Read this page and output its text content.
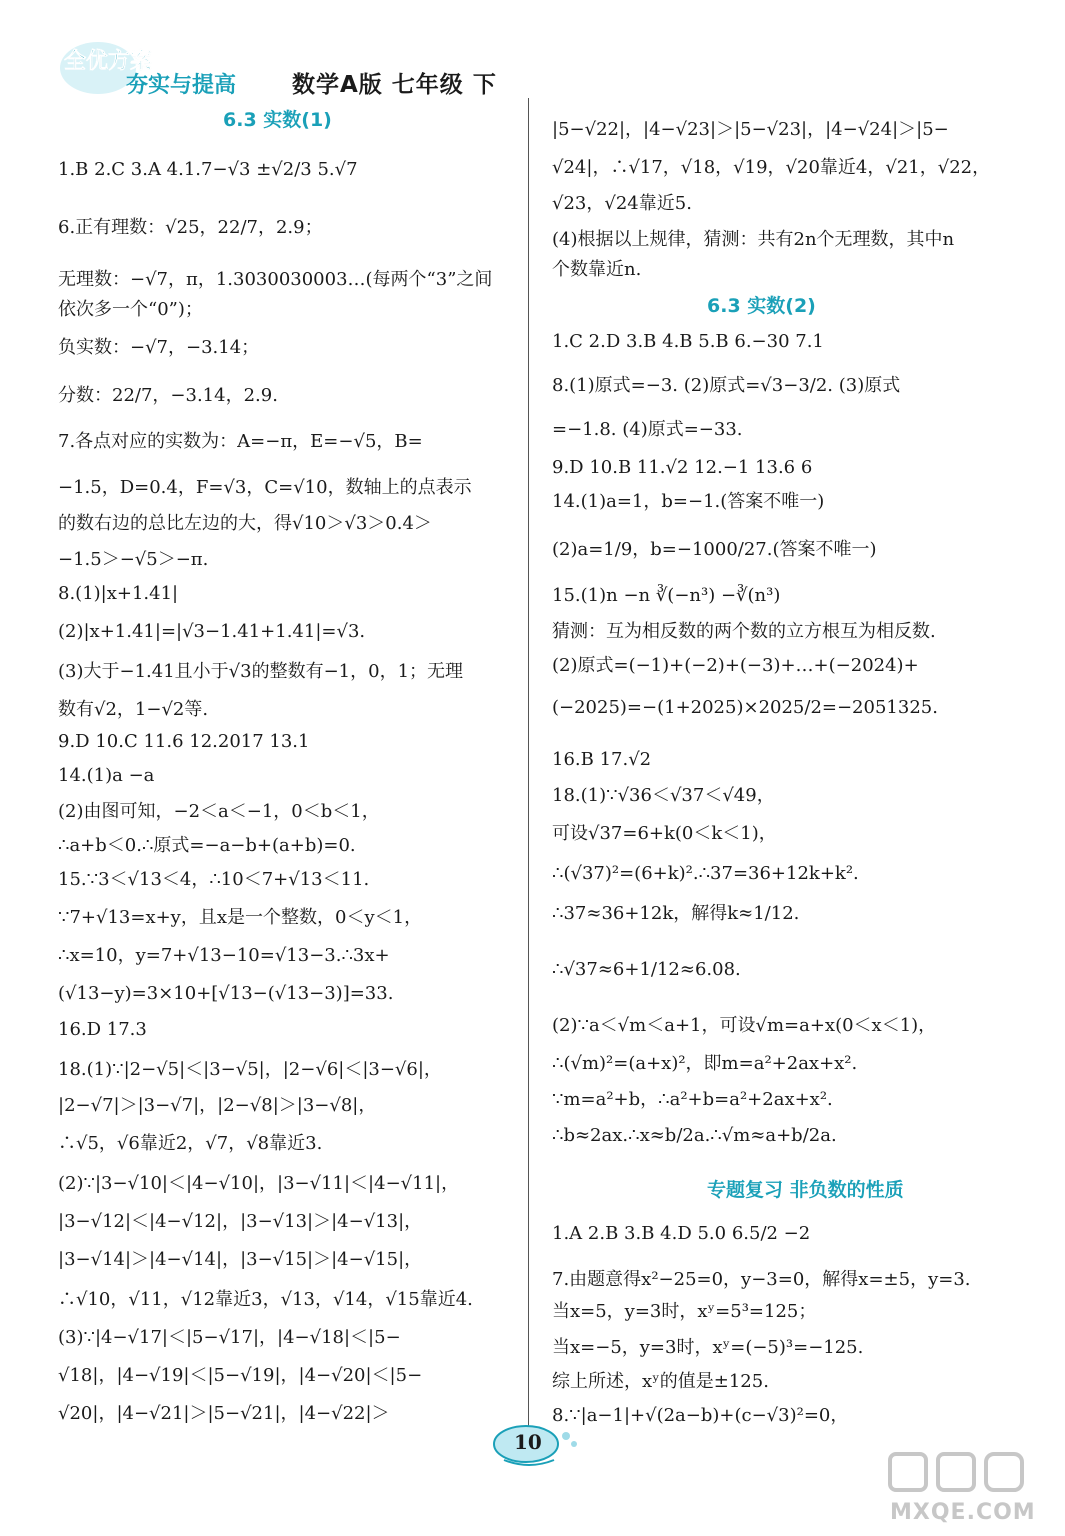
全优方案
夯实与提高 数学A版 七年级 下
6.3 实数(1)
1.B 2.C 3.A 4.1.7−√3 ±√2/3 5.√7
6.正有理数：√25，22/7，2.9；
无理数：−√7，π，1.3030030003…(每两个“3”之间
依次多一个“0”)；
负实数：−√7，−3.14；
分数：22/7，−3.14，2.9.
7.各点对应的实数为：A=−π，E=−√5，B=
−1.5，D=0.4，F=√3，C=√10，数轴上的点表示
的数右边的总比左边的大，得√10＞√3＞0.4＞
−1.5＞−√5＞−π.
8.(1)|x+1.41|
(2)|x+1.41|=|√3−1.41+1.41|=√3.
(3)大于−1.41且小于√3的整数有−1，0，1；无理
数有√2，1−√2等.
9.D 10.C 11.6 12.2017 13.1
14.(1)a −a
(2)由图可知，−2＜a＜−1，0＜b＜1，
∴a+b＜0.∴原式=−a−b+(a+b)=0.
15.∵3＜√13＜4，∴10＜7+√13＜11.
∵7+√13=x+y，且x是一个整数，0＜y＜1，
∴x=10，y=7+√13−10=√13−3.∴3x+
(√13−y)=3×10+[√13−(√13−3)]=33.
16.D 17.3
18.(1)∵|2−√5|＜|3−√5|，|2−√6|＜|3−√6|，
|2−√7|＞|3−√7|，|2−√8|＞|3−√8|，
∴√5，√6靠近2，√7，√8靠近3.
(2)∵|3−√10|＜|4−√10|，|3−√11|＜|4−√11|，
|3−√12|＜|4−√12|，|3−√13|＞|4−√13|，
|3−√14|＞|4−√14|，|3−√15|＞|4−√15|，
∴√10，√11，√12靠近3，√13，√14，√15靠近4.
(3)∵|4−√17|＜|5−√17|，|4−√18|＜|5−
√18|，|4−√19|＜|5−√19|，|4−√20|＜|5−
√20|，|4−√21|＞|5−√21|，|4−√22|＞
|5−√22|，|4−√23|＞|5−√23|，|4−√24|＞|5−
√24|，∴√17，√18，√19，√20靠近4，√21，√22，
√23，√24靠近5.
(4)根据以上规律，猜测：共有2n个无理数，其中n
个数靠近n.
6.3 实数(2)
1.C 2.D 3.B 4.B 5.B 6.−30 7.1
8.(1)原式=−3. (2)原式=√3−3/2. (3)原式
=−1.8. (4)原式=−33.
9.D 10.B 11.√2 12.−1 13.6 6
14.(1)a=1，b=−1.(答案不唯一)
(2)a=1/9，b=−1000/27.(答案不唯一)
15.(1)n −n ∛(−n³) −∛(n³)
猜测：互为相反数的两个数的立方根互为相反数.
(2)原式=(−1)+(−2)+(−3)+…+(−2024)+
(−2025)=−(1+2025)×2025/2=−2051325.
16.B 17.√2
18.(1)∵√36＜√37＜√49，
可设√37=6+k(0＜k＜1)，
∴(√37)²=(6+k)².∴37=36+12k+k².
∴37≈36+12k，解得k≈1/12.
∴√37≈6+1/12≈6.08.
(2)∵a＜√m＜a+1，可设√m=a+x(0＜x＜1)，
∴(√m)²=(a+x)²，即m=a²+2ax+x².
∵m=a²+b，∴a²+b=a²+2ax+x².
∴b≈2ax.∴x≈b/2a.∴√m≈a+b/2a.
专题复习 非负数的性质
1.A 2.B 3.B 4.D 5.0 6.5/2 −2
7.由题意得x²−25=0，y−3=0，解得x=±5，y=3.
当x=5，y=3时，xʸ=5³=125；
当x=−5，y=3时，xʸ=(−5)³=−125.
综上所述，xʸ的值是±125.
8.∵|a−1|+√(2a−b)+(c−√3)²=0，
10
MXQE.COM
